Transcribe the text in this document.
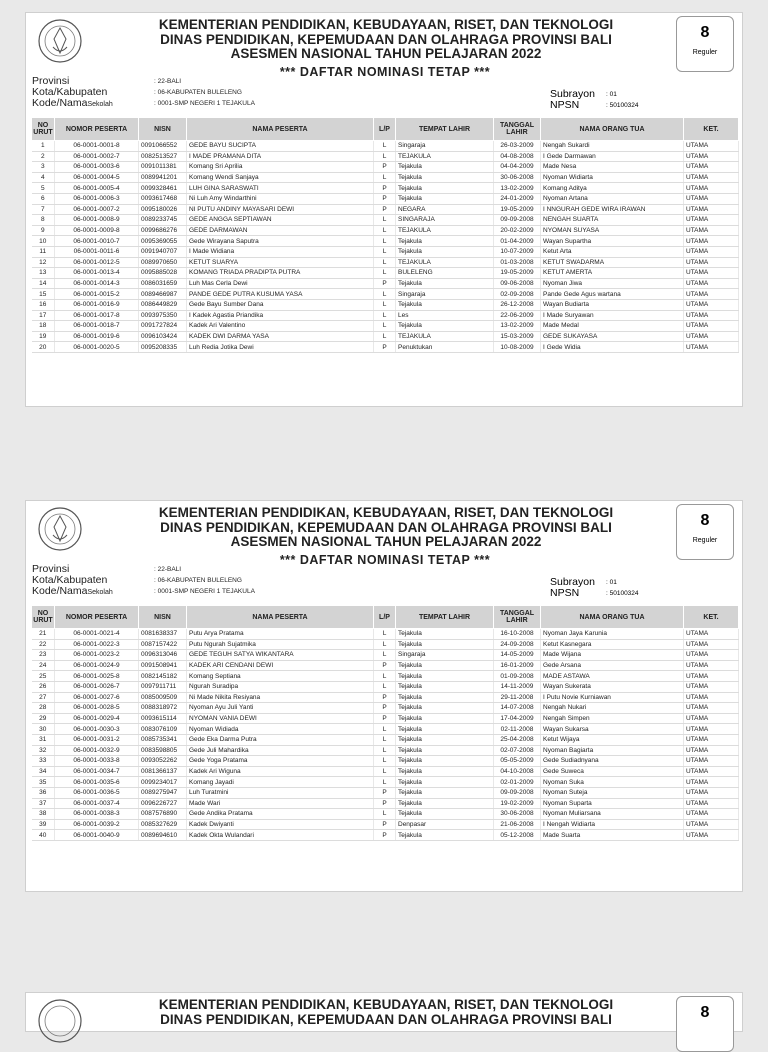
KEMENTERIAN PENDIDIKAN, KEBUDAYAAN, RISET, DAN TEKNOLOGI
DINAS PENDIDIKAN, KEPEMUDAAN DAN OLAHRAGA PROVINSI BALI
ASESMEN NASIONAL TAHUN PELAJARAN 2022
8
Reguler
*** DAFTAR NOMINASI TETAP ***
Provinsi	: 22-BALI
Kota/Kabupaten	: 06-KABUPATEN BULELENG
Kode/NamaSekolah	: 0001-SMP NEGERI 1 TEJAKULA
Subrayon	: 01
NPSN	: 50100324
NO URUT	NOMOR PESERTA	NISN	NAMA PESERTA	L/P	TEMPAT LAHIR	TANGGAL LAHIR	NAMA ORANG TUA	KET.
1	06-0001-0001-8	0091066552	GEDE BAYU SUCIPTA	L	Singaraja	26-03-2009	Nengah Sukardi	UTAMA
2	06-0001-0002-7	0082513527	I MADE PRAMANA DITA	L	TEJAKULA	04-08-2008	I Gede Darmawan	UTAMA
3	06-0001-0003-6	0091011381	Komang Sri Aprilia	P	Tejakula	04-04-2009	Made Nesa	UTAMA
4	06-0001-0004-5	0089941201	Komang Wendi Sanjaya	L	Tejakula	30-06-2008	Nyoman Widiarta	UTAMA
5	06-0001-0005-4	0099328461	LUH GINA SARASWATI	P	Tejakula	13-02-2009	Komang Aditya	UTAMA
6	06-0001-0006-3	0093617468	Ni Luh Amy Windarthini	P	Tejakula	24-01-2009	Nyoman Artana	UTAMA
7	06-0001-0007-2	0095180026	NI PUTU ANDINY MAYASARI DEWI	P	NEGARA	19-05-2009	I NNGURAH GEDE WIRA IRAWAN	UTAMA
8	06-0001-0008-9	0089233745	GEDE ANGGA SEPTIAWAN	L	SINGARAJA	09-09-2008	NENGAH SUARTA	UTAMA
9	06-0001-0009-8	0099686276	GEDE DARMAWAN	L	TEJAKULA	20-02-2009	NYOMAN SUYASA	UTAMA
10	06-0001-0010-7	0095369055	Gede Wirayana Saputra	L	Tejakula	01-04-2009	Wayan Supartha	UTAMA
11	06-0001-0011-6	0091940707	I Made Widiana	L	Tejakula	10-07-2009	Ketut Arta	UTAMA
12	06-0001-0012-5	0089970650	KETUT SUARYA	L	TEJAKULA	01-03-2008	KETUT SWADARMA	UTAMA
13	06-0001-0013-4	0095885028	KOMANG TRIADA PRADIPTA PUTRA	L	BULELENG	19-05-2009	KETUT AMERTA	UTAMA
14	06-0001-0014-3	0086031659	Luh Mas Cerla Dewi	P	Tejakula	09-06-2008	Nyoman Jiwa	UTAMA
15	06-0001-0015-2	0089466987	PANDE GEDE PUTRA KUSUMA YASA	L	Singaraja	02-09-2008	Pande Gede Agus wartana	UTAMA
16	06-0001-0016-9	0086449829	Gede Bayu Sumber Dana	L	Tejakula	26-12-2008	Wayan Budiarta	UTAMA
17	06-0001-0017-8	0093975350	I Kadek Agastia Priandika	L	Les	22-06-2009	I Made Suryawan	UTAMA
18	06-0001-0018-7	0091727824	Kadek Ari Valentino	L	Tejakula	13-02-2009	Made Medal	UTAMA
19	06-0001-0019-6	0096103424	KADEK DWI DARMA YASA	L	TEJAKULA	15-03-2009	GEDE SUKAYASA	UTAMA
20	06-0001-0020-5	0095208335	Luh Redia Jotika Dewi	P	Penuktukan	10-08-2009	I Gede Widia	UTAMA
KEMENTERIAN PENDIDIKAN, KEBUDAYAAN, RISET, DAN TEKNOLOGI
DINAS PENDIDIKAN, KEPEMUDAAN DAN OLAHRAGA PROVINSI BALI
ASESMEN NASIONAL TAHUN PELAJARAN 2022
8
Reguler
*** DAFTAR NOMINASI TETAP ***
Provinsi	: 22-BALI
Kota/Kabupaten	: 06-KABUPATEN BULELENG
Kode/NamaSekolah	: 0001-SMP NEGERI 1 TEJAKULA
Subrayon	: 01
NPSN	: 50100324
NO URUT	NOMOR PESERTA	NISN	NAMA PESERTA	L/P	TEMPAT LAHIR	TANGGAL LAHIR	NAMA ORANG TUA	KET.
21	06-0001-0021-4	0081638337	Putu Arya Pratama	L	Tejakula	16-10-2008	Nyoman Jaya Karunia	UTAMA
22	06-0001-0022-3	0087157422	Putu Ngurah Sujatmika	L	Tejakula	24-09-2008	Ketut Kasnegara	UTAMA
23	06-0001-0023-2	0096313046	GEDE TEGUH SATYA WIKANTARA	L	Singaraja	14-05-2009	Made Wijana	UTAMA
24	06-0001-0024-9	0091508941	KADEK ARI CENDANI DEWI	P	Tejakula	16-01-2009	Gede Arsana	UTAMA
25	06-0001-0025-8	0082145182	Komang Septiana	L	Tejakula	01-09-2008	MADE ASTAWA	UTAMA
26	06-0001-0026-7	0097911711	Ngurah Suradipa	L	Tejakula	14-11-2009	Wayan Sukerata	UTAMA
27	06-0001-0027-6	0085009509	Ni Made Nikita Resiyana	P	Tejakula	29-11-2008	I Putu Novie Kurniawan	UTAMA
28	06-0001-0028-5	0088318972	Nyoman Ayu Juli Yanti	P	Tejakula	14-07-2008	Nengah Nukari	UTAMA
29	06-0001-0029-4	0093615114	NYOMAN VANIA DEWI	P	Tejakula	17-04-2009	Nengah Simpen	UTAMA
30	06-0001-0030-3	0083076109	Nyoman Widiada	L	Tejakula	02-11-2008	Wayan Sukarsa	UTAMA
31	06-0001-0031-2	0085735341	Gede Eka Darma Putra	L	Tejakula	25-04-2008	Ketut Wijaya	UTAMA
32	06-0001-0032-9	0083598805	Gede Juli Mahardika	L	Tejakula	02-07-2008	Nyoman Bagiarta	UTAMA
33	06-0001-0033-8	0093052262	Gede Yoga Pratama	L	Tejakula	05-05-2009	Gede Sudiadnyana	UTAMA
34	06-0001-0034-7	0081366137	Kadek Ari Wiguna	L	Tejakula	04-10-2008	Gede Suweca	UTAMA
35	06-0001-0035-6	0099234017	Komang Jayadi	L	Tejakula	02-01-2009	Nyoman Suka	UTAMA
36	06-0001-0036-5	0089275947	Luh Turatmini	P	Tejakula	09-09-2008	Nyoman Suteja	UTAMA
37	06-0001-0037-4	0096226727	Made Wari	P	Tejakula	19-02-2009	Nyoman Suparta	UTAMA
38	06-0001-0038-3	0087576890	Gede Andika Pratama	L	Tejakula	30-06-2008	Nyoman Muliarsana	UTAMA
39	06-0001-0039-2	0085327629	Kadek Dwiyanti	P	Denpasar	21-06-2008	I Nengah Widiarta	UTAMA
40	06-0001-0040-9	0089694610	Kadek Okta Wulandari	P	Tejakula	05-12-2008	Made Suarta	UTAMA
KEMENTERIAN PENDIDIKAN, KEBUDAYAAN, RISET, DAN TEKNOLOGI
DINAS PENDIDIKAN, KEPEMUDAAN DAN OLAHRAGA PROVINSI BALI	8
